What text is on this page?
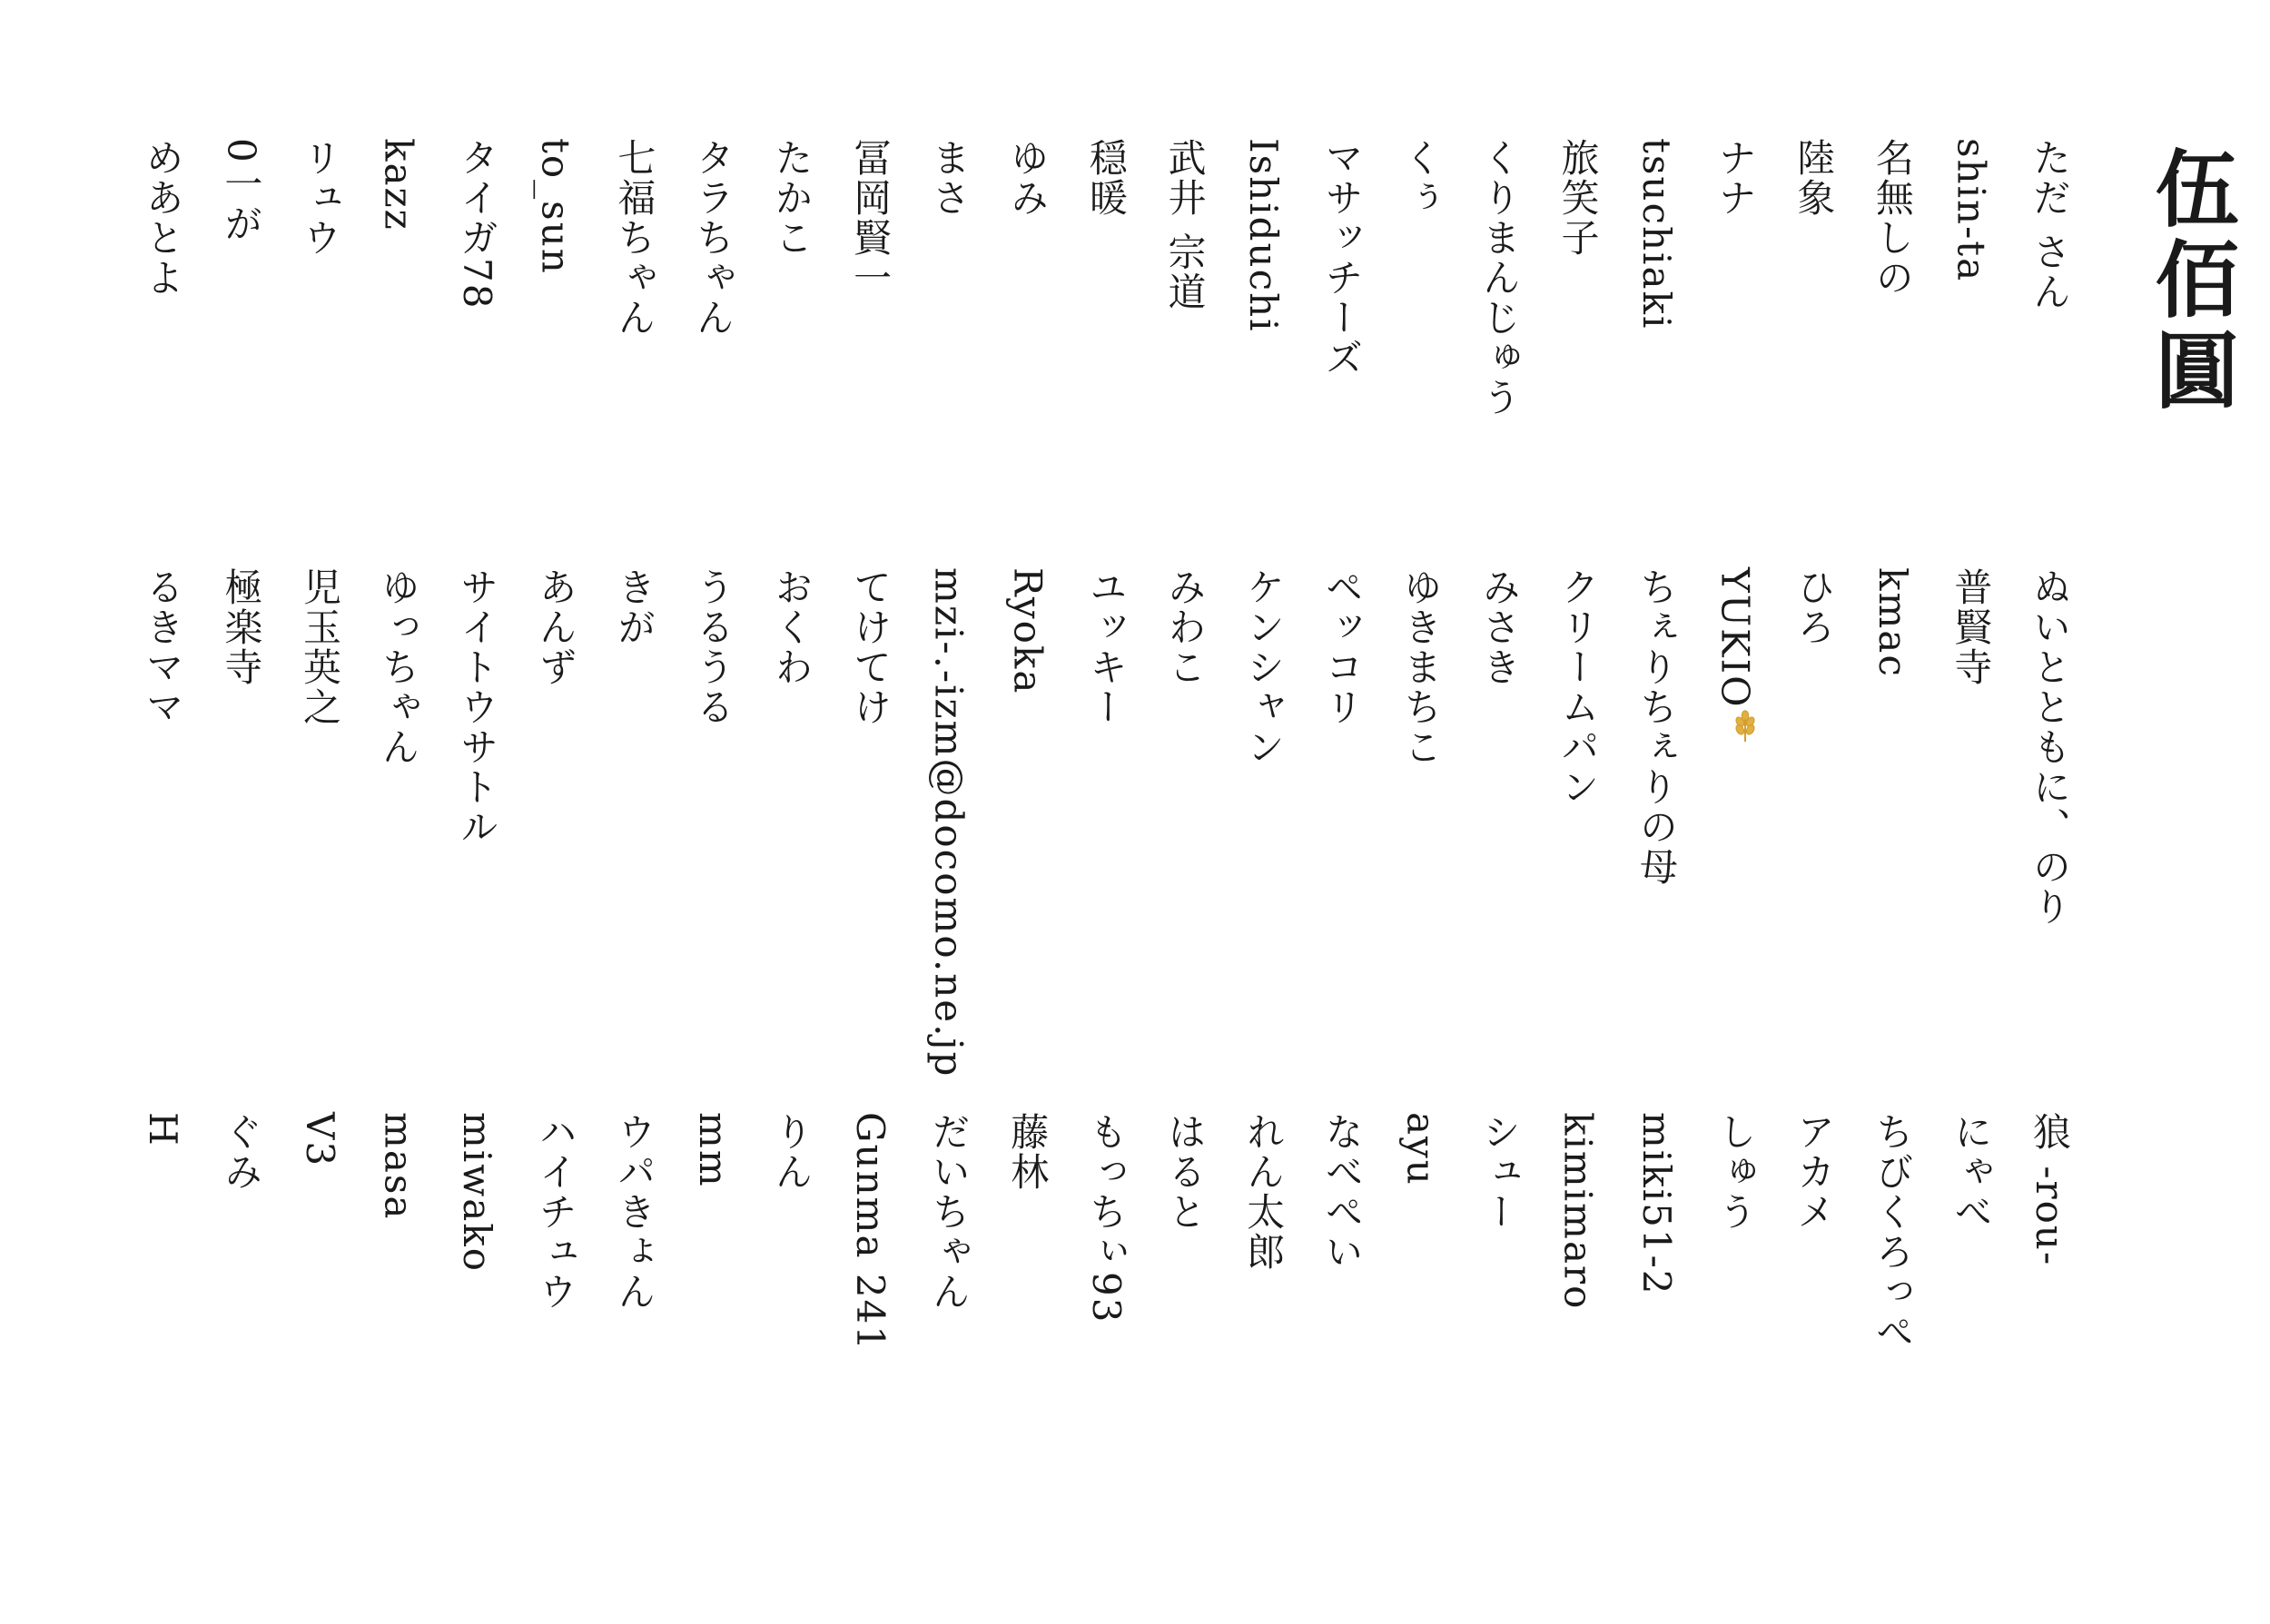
伍佰圓
ただ さん
shin-ta
名無しの
陸象
ナナ
tsuchiaki
旅笑子
くりまんじゅう
くぅ
マサッチーズ
Ishiduchi
武井 宗道
穏暖
ゆみ
まさ
冨岡賢一
たかこ
タラちゃん
七福ちゃん
to_sun
タイガ78
kazz
リュウ
0一が
めあとよ
ぬいとともに、のり
普賢寺
kmac
ひろ
YUKIO
ちぇりちぇりの母
クリームパン
みさき
ゆきまちこ
ペッコリ
ケンシャン
みわこ
ユッキー
Ryoka
mzi-.-izm@docomo.ne.jp
てけてけ
おくわ
うるうる
きが
あんず
サイトウサトル
ゆっちゃん
児玉英之
極楽寺
るきママ
狼 -rou-
にゃべ
ちびくろっぺ
アカメ
しゅう
miki51-2
kimimaro
シュー
ayu
なべぺい
れん太郎
はると
もっちぃ93
藤林
だいちゃん
Gunma 241
りん
mm
ウパきょん
ハイチュウ
miwako
masa
V3
ぐみ
H
